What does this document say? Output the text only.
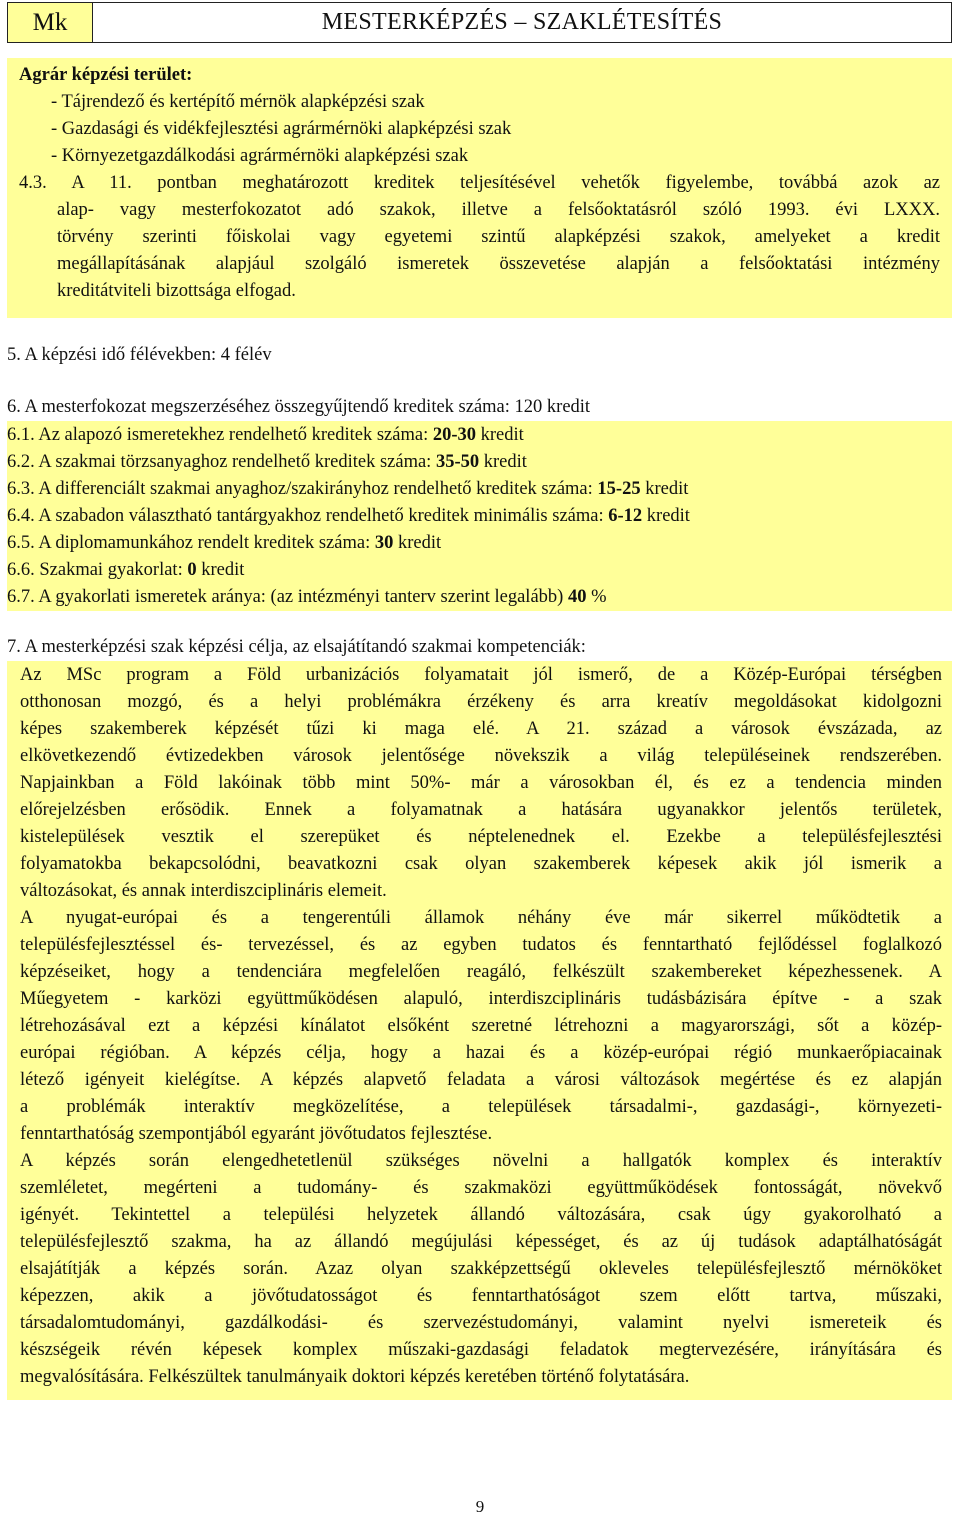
Mk	MESTERKÉPZÉS – SZAKLÉTESÍTÉS
Agrár képzési terület:
- Tájrendező és kertépítő mérnök alapképzési szak
- Gazdasági és vidékfejlesztési agrármérnöki alapképzési szak
- Környezetgazdálkodási agrármérnöki alapképzési szak
4.3. A 11. pontban meghatározott kreditek teljesítésével vehetők figyelembe, továbbá azok az
alap- vagy mesterfokozatot adó szakok, illetve a felsőoktatásról szóló 1993. évi LXXX.
törvény szerinti főiskolai vagy egyetemi szintű alapképzési szakok, amelyeket a kredit
megállapításának alapjául szolgáló ismeretek összevetése alapján a felsőoktatási intézmény
kreditátviteli bizottsága elfogad.
5. A képzési idő félévekben: 4 félév
6. A mesterfokozat megszerzéséhez összegyűjtendő kreditek száma: 120 kredit
6.1. Az alapozó ismeretekhez rendelhető kreditek száma: 20-30 kredit
6.2. A szakmai törzsanyaghoz rendelhető kreditek száma: 35-50 kredit
6.3. A differenciált szakmai anyaghoz/szakirányhoz rendelhető kreditek száma: 15-25 kredit
6.4. A szabadon választható tantárgyakhoz rendelhető kreditek minimális száma: 6-12 kredit
6.5. A diplomamunkához rendelt kreditek száma: 30 kredit
6.6. Szakmai gyakorlat: 0 kredit
6.7. A gyakorlati ismeretek aránya: (az intézményi tanterv szerint legalább) 40 %
7. A mesterképzési szak képzési célja, az elsajátítandó szakmai kompetenciák:
Az MSc program a Föld urbanizációs folyamatait jól ismerő, de a Közép-Európai térségben
otthonosan mozgó, és a helyi problémákra érzékeny és arra kreatív megoldásokat kidolgozni
képes szakemberek képzését tűzi ki maga elé. A 21. század a városok évszázada, az
elkövetkezendő évtizedekben városok jelentősége növekszik a világ településeinek rendszerében.
Napjainkban a Föld lakóinak több mint 50%- már a városokban él, és ez a tendencia minden
előrejelzésben erősödik. Ennek a folyamatnak a hatására ugyanakkor jelentős területek,
kistelepülések vesztik el szerepüket és néptelenednek el. Ezekbe a településfejlesztési
folyamatokba bekapcsolódni, beavatkozni csak olyan szakemberek képesek akik jól ismerik a
változásokat, és annak interdiszciplináris elemeit.
A nyugat-európai és a tengerentúli államok néhány éve már sikerrel működtetik a
településfejlesztéssel és- tervezéssel, és az egyben tudatos és fenntartható fejlődéssel foglalkozó
képzéseiket, hogy a tendenciára megfelelően reagáló, felkészült szakembereket képezhessenek. A
Műegyetem - karközi együttműködésen alapuló, interdiszciplináris tudásbázisára építve - a szak
létrehozásával ezt a képzési kínálatot elsőként szeretné létrehozni a magyarországi, sőt a közép-
európai régióban. A képzés célja, hogy a hazai és a közép-európai régió munkaerőpiacainak
létező igényeit kielégítse. A képzés alapvető feladata a városi változások megértése és ez alapján
a problémák interaktív megközelítése, a települések társadalmi-, gazdasági-, környezeti-
fenntarthatóság szempontjából egyaránt jövőtudatos fejlesztése.
A képzés során elengedhetetlenül szükséges növelni a hallgatók komplex és interaktív
szemléletet, megérteni a tudomány- és szakmaközi együttműködések fontosságát, növekvő
igényét. Tekintettel a települési helyzetek állandó változására, csak úgy gyakorolható a
településfejlesztő szakma, ha az állandó megújulási képességet, és az új tudások adaptálhatóságát
elsajátítják a képzés során. Azaz olyan szakképzettségű okleveles településfejlesztő mérnököket
képezzen, akik a jövőtudatosságot és fenntarthatóságot szem előtt tartva, műszaki,
társadalomtudományi, gazdálkodási- és szervezéstudományi, valamint nyelvi ismereteik és
készségeik révén képesek komplex műszaki-gazdasági feladatok megtervezésére, irányítására és
megvalósítására. Felkészültek tanulmányaik doktori képzés keretében történő folytatására.
9
